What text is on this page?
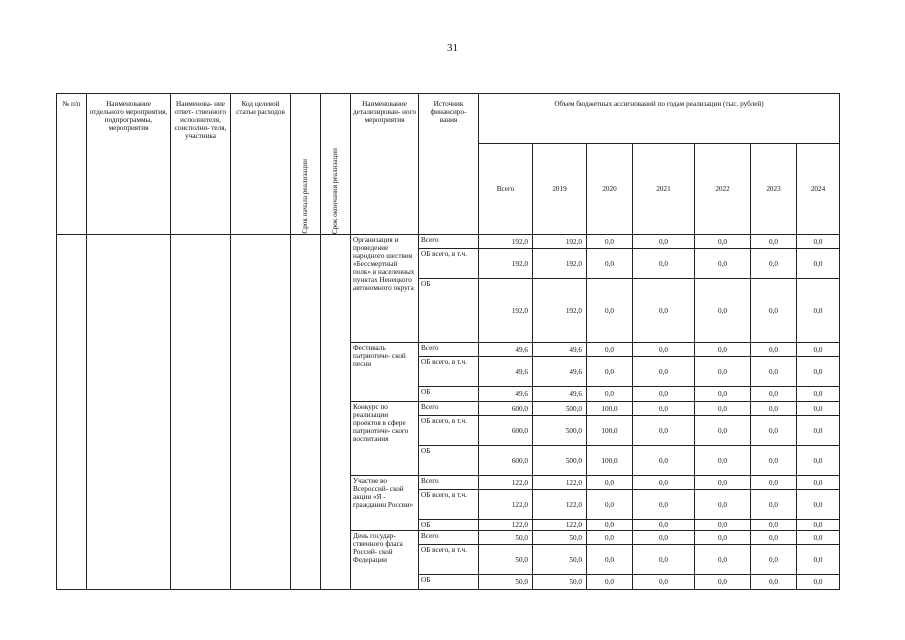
31
№ п/п	Наименование отдельного мероприятия, подпрограммы, мероприятия	Наименова- ние ответ- ственного исполнителя, соисполни- теля, участника	Код целевой статьи расходов	Срок начала реализации	Срок окончания реализации	Наименование детализирован- ного мероприятия	Источник финансиро- вания	Объем бюджетных ассигнований по годам реализации (тыс. рублей)						
								Всего	2019	2020	2021	2022	2023	2024
						Организация и проведение народного шествия «Бессмертный полк» в населенных пунктах Ненецкого автономного округа	Всего	192,0	192,0	0,0	0,0	0,0	0,0	0,0
							ОБ всего, в т.ч.	192,0	192,0	0,0	0,0	0,0	0,0	0,0
							ОБ	192,0	192,0	0,0	0,0	0,0	0,0	0,0
						Фестиваль патриотиче- ской песни	Всего	49,6	49,6	0,0	0,0	0,0	0,0	0,0
							ОБ всего, в т.ч.	49,6	49,6	0,0	0,0	0,0	0,0	0,0
							ОБ	49,6	49,6	0,0	0,0	0,0	0,0	0,0
						Конкурс по реализации проектов в сфере патриотиче- ского воспитания	Всего	600,0	500,0	100,0	0,0	0,0	0,0	0,0
							ОБ всего, в т.ч.	600,0	500,0	100,0	0,0	0,0	0,0	0,0
							ОБ	600,0	500,0	100,0	0,0	0,0	0,0	0,0
						Участие во Всероссий- ской акции «Я - гражданин России»	Всего	122,0	122,0	0,0	0,0	0,0	0,0	0,0
							ОБ всего, в т.ч.	122,0	122,0	0,0	0,0	0,0	0,0	0,0
							ОБ	122,0	122,0	0,0	0,0	0,0	0,0	0,0
						День государ- ственного флага Россий- ской Федерации	Всего	50,0	50,0	0,0	0,0	0,0	0,0	0,0
							ОБ всего, в т.ч.	50,0	50,0	0,0	0,0	0,0	0,0	0,0
							ОБ	50,0	50,0	0,0	0,0	0,0	0,0	0,0
